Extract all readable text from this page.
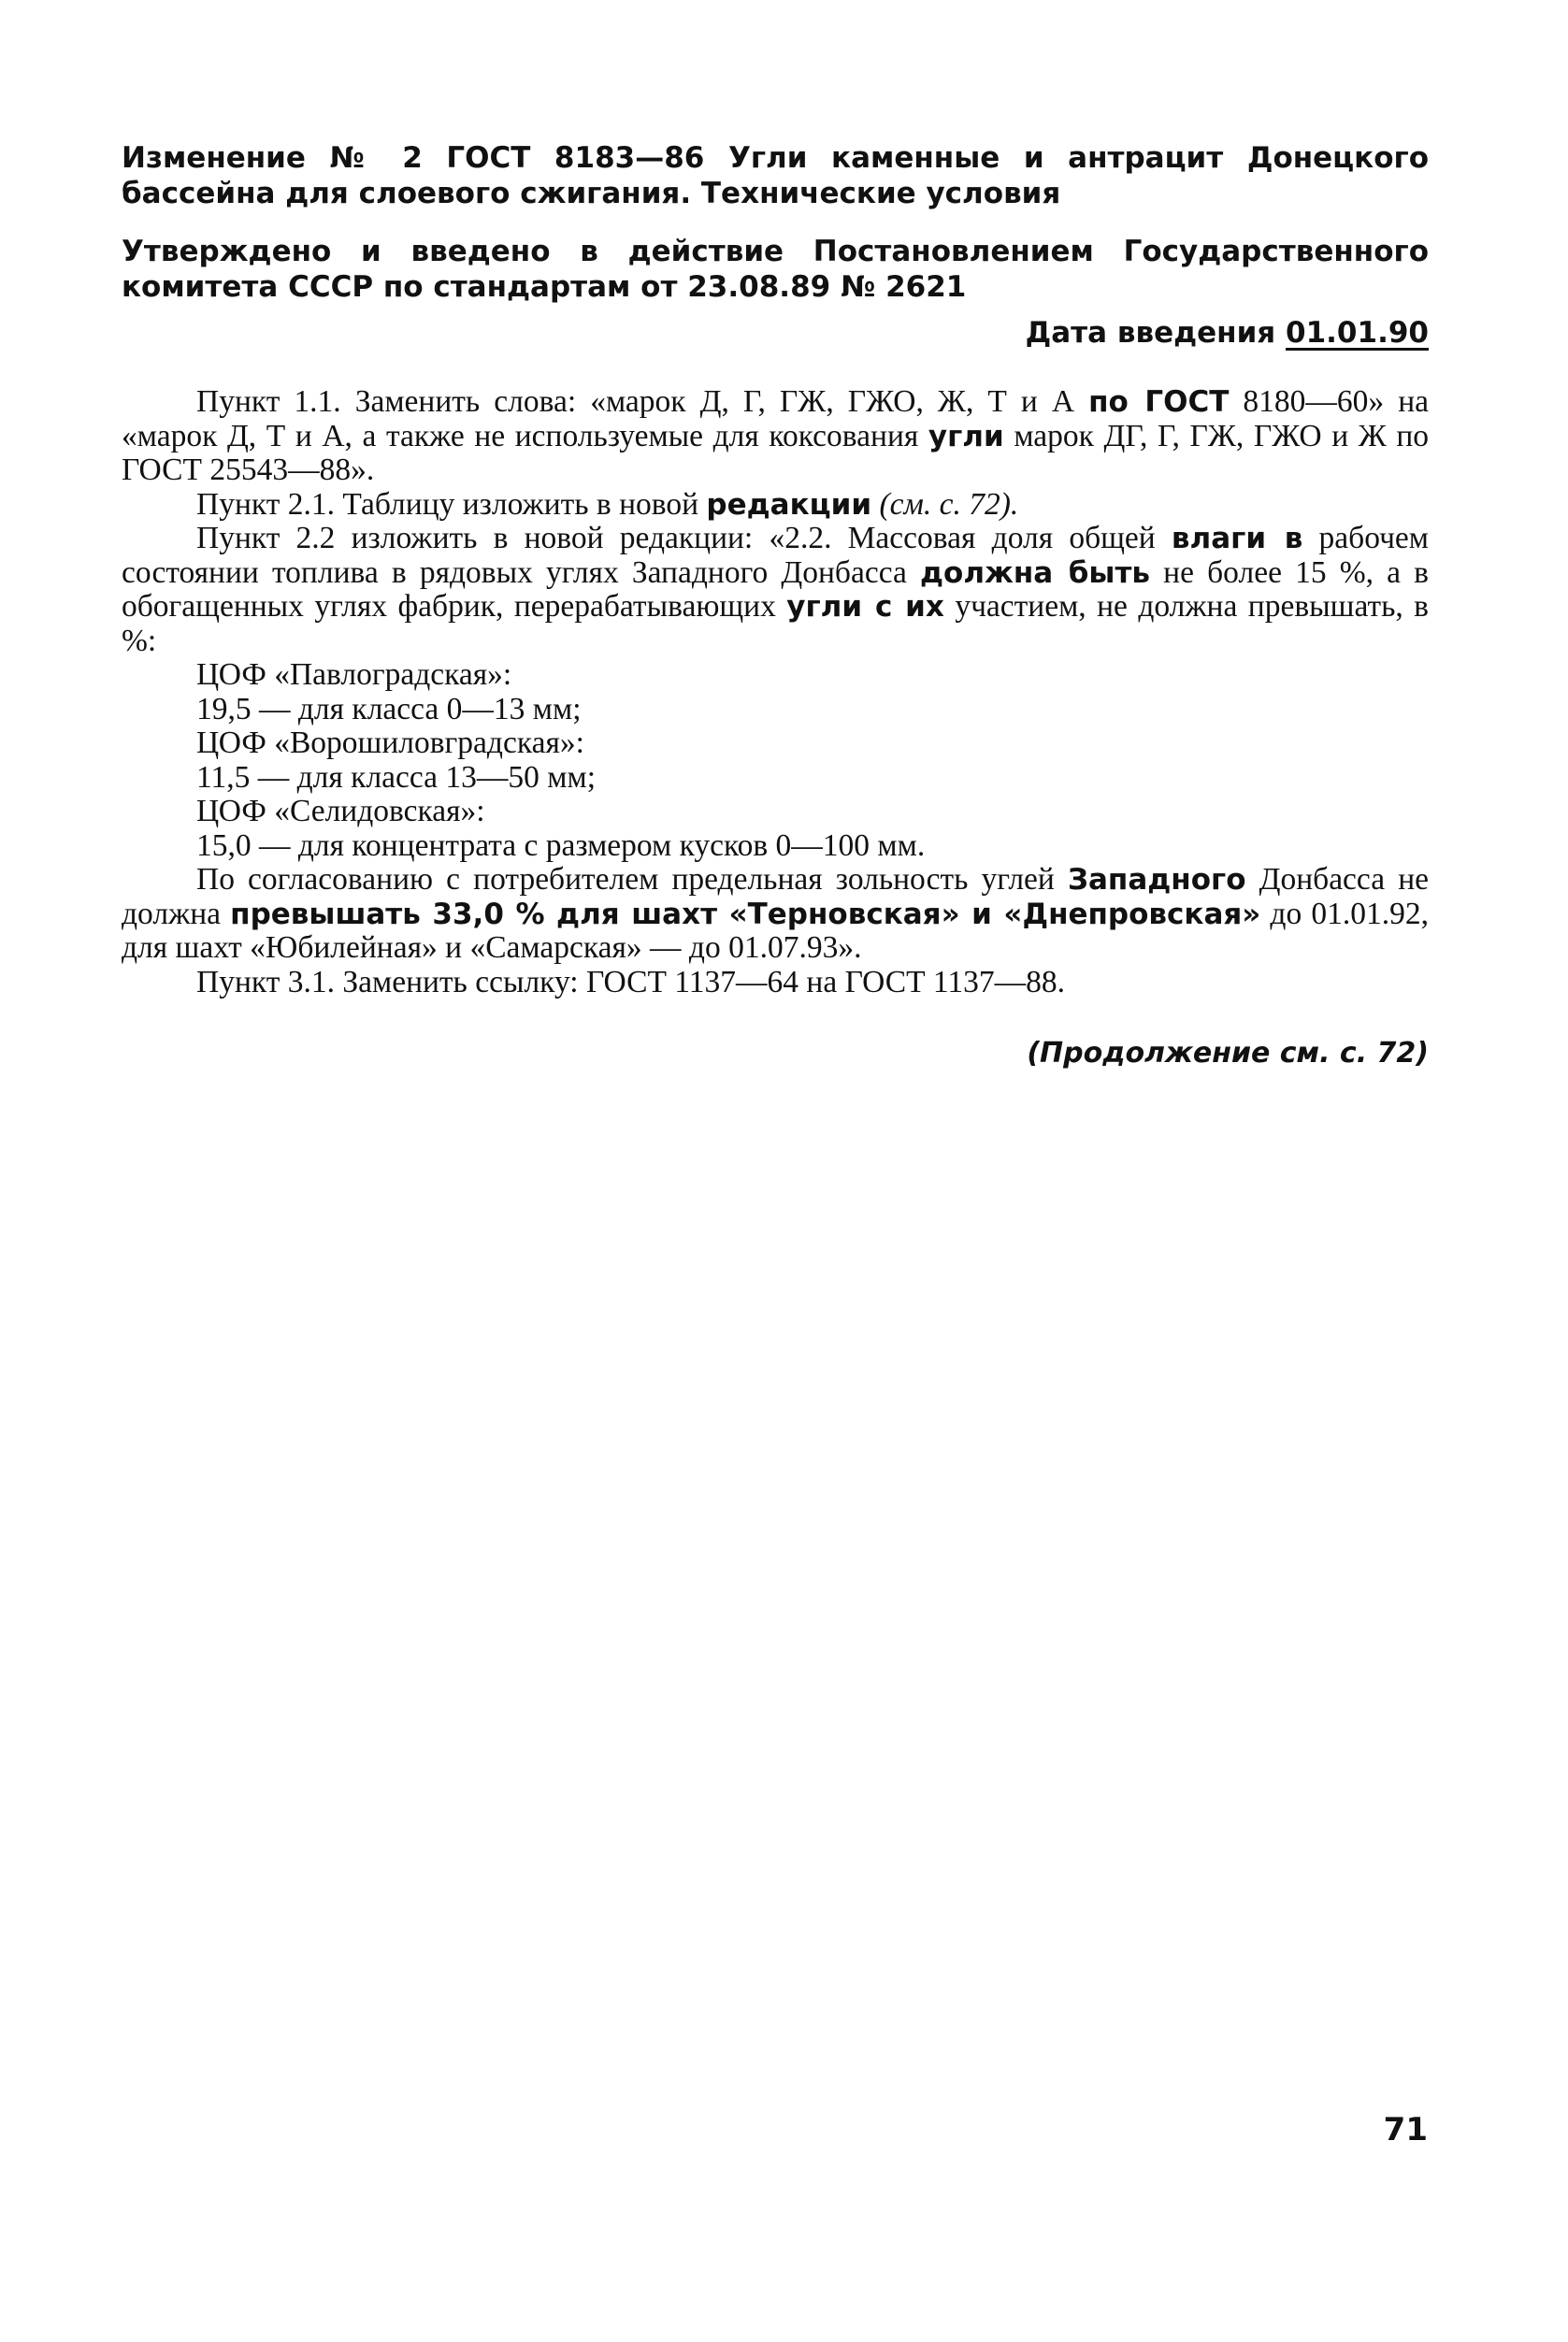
Изменение № 2 ГОСТ 8183—86 Угли каменные и антрацит Донецкого бассейна для слоевого сжигания. Технические условия

Утверждено и введено в действие Постановлением Государственного комитета СССР по стандартам от 23.08.89 № 2621

Дата введения 01.01.90

Пункт 1.1. Заменить слова: «марок Д, Г, ГЖ, ГЖО, Ж, Т и А по ГОСТ 8180—60» на «марок Д, Т и А, а также не используемые для коксования угли марок ДГ, Г, ГЖ, ГЖО и Ж по ГОСТ 25543—88».

Пункт 2.1. Таблицу изложить в новой редакции (см. с. 72).

Пункт 2.2 изложить в новой редакции: «2.2. Массовая доля общей влаги в рабочем состоянии топлива в рядовых углях Западного Донбасса должна быть не более 15 %, а в обогащенных углях фабрик, перерабатывающих угли с их участием, не должна превышать, в %:

ЦОФ «Павлоградская»:

19,5 — для класса 0—13 мм;

ЦОФ «Ворошиловградская»:

11,5 — для класса 13—50 мм;

ЦОФ «Селидовская»:

15,0 — для концентрата с размером кусков 0—100 мм.

По согласованию с потребителем предельная зольность углей Западного Донбасса не должна превышать 33,0 % для шахт «Терновская» и «Днепровская» до 01.01.92, для шахт «Юбилейная» и «Самарская» — до 01.07.93».

Пункт 3.1. Заменить ссылку: ГОСТ 1137—64 на ГОСТ 1137—88.

(Продолжение см. с. 72)

71
